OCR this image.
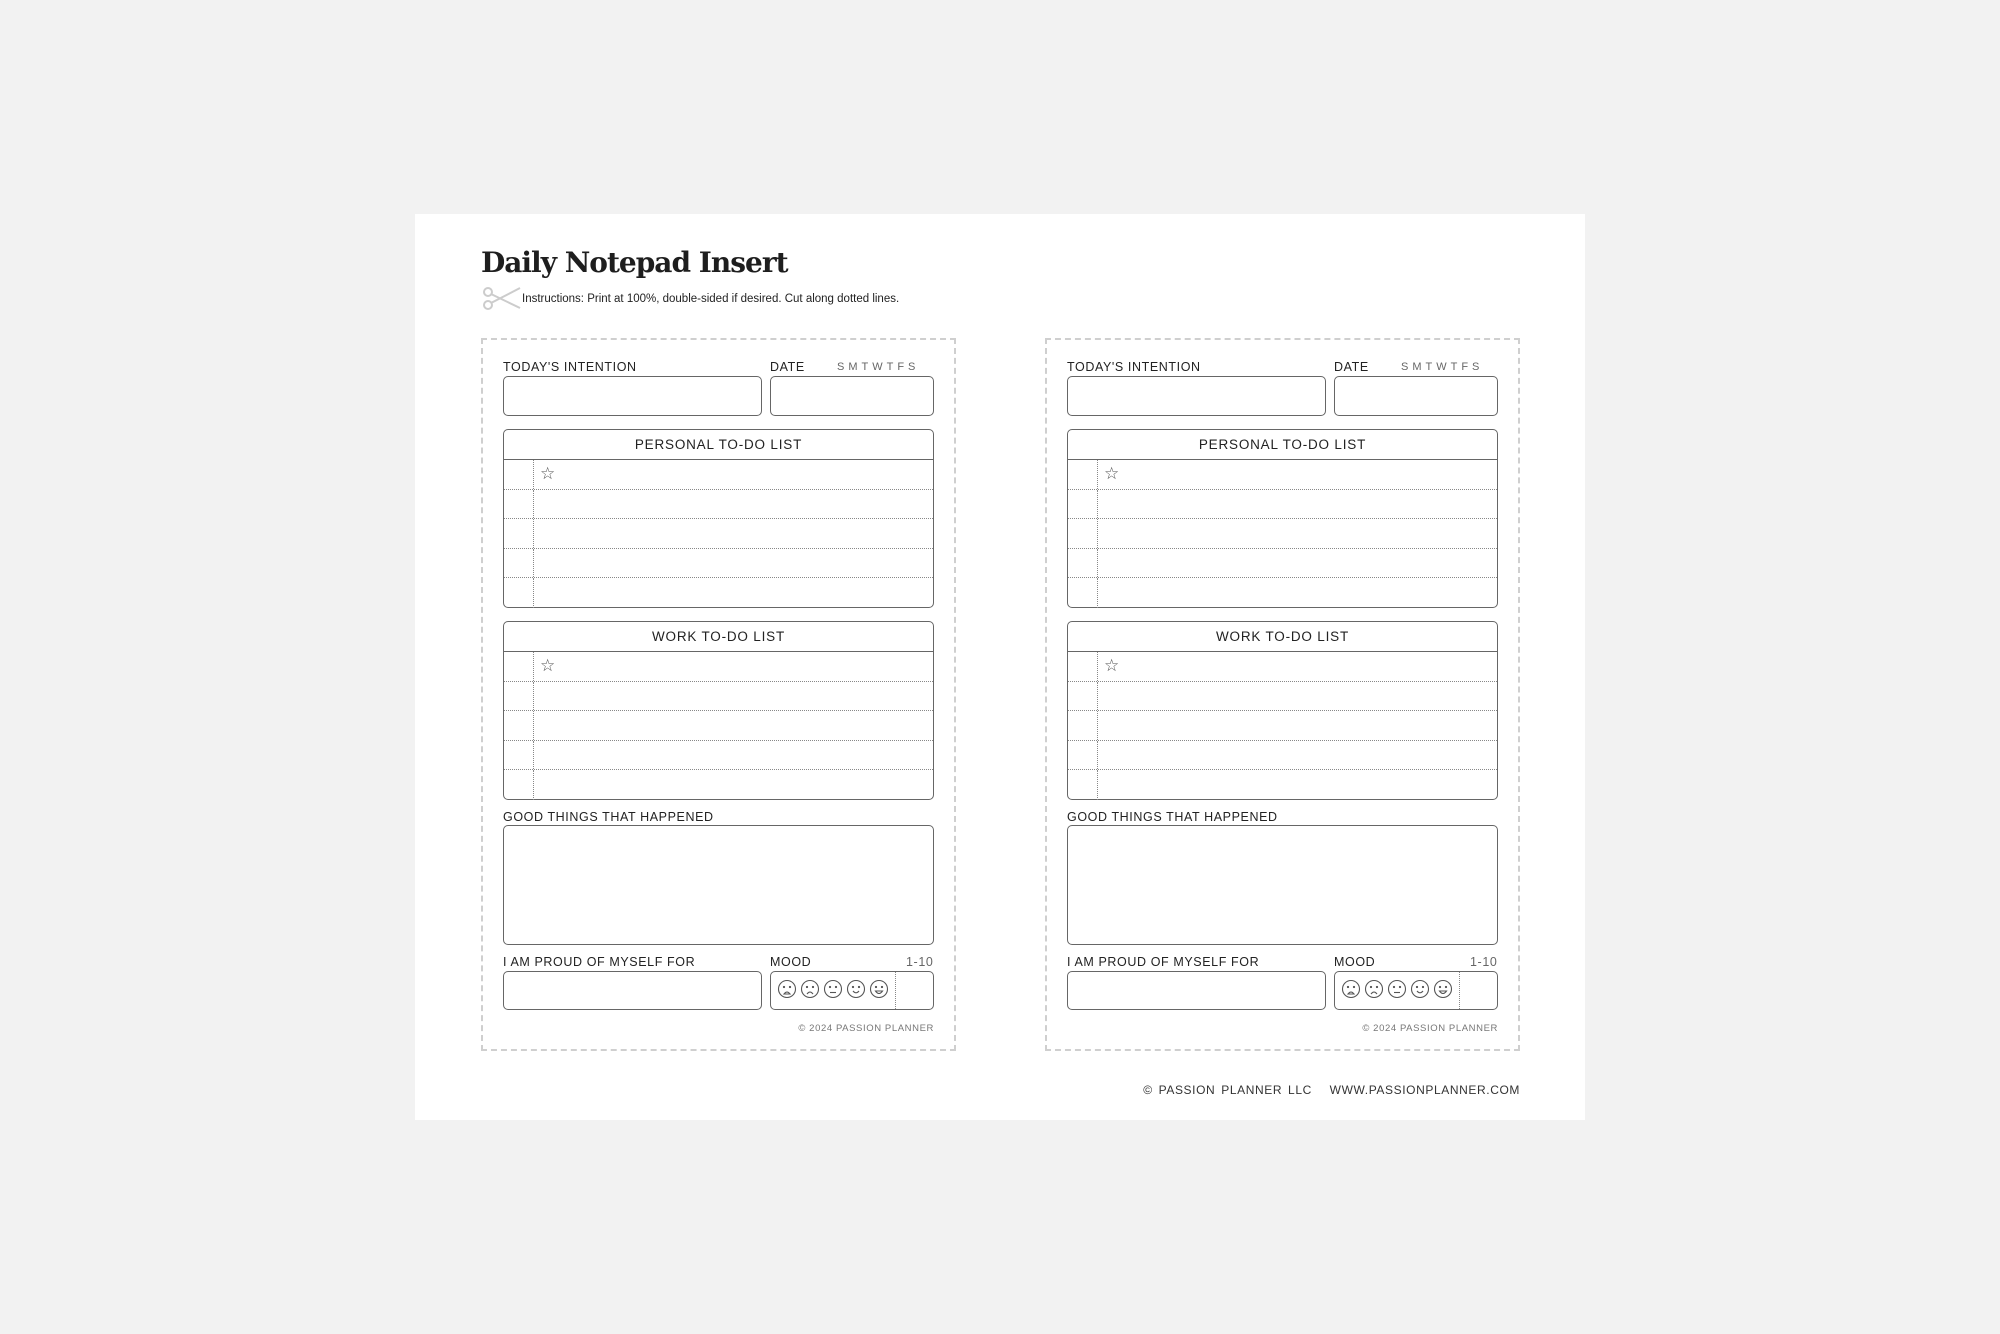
Daily Notepad Insert
Instructions: Print at 100%, double-sided if desired. Cut along dotted lines.
TODAY'S INTENTION	DATE	SMTWTFS
PERSONAL TO-DO LIST
☆
WORK TO-DO LIST
☆
GOOD THINGS THAT HAPPENED
I AM PROUD OF MYSELF FOR	MOOD	1-10
© 2024 PASSION PLANNER
TODAY'S INTENTION	DATE	SMTWTFS
PERSONAL TO-DO LIST
☆
WORK TO-DO LIST
☆
GOOD THINGS THAT HAPPENED
I AM PROUD OF MYSELF FOR	MOOD	1-10
© 2024 PASSION PLANNER
© PASSION PLANNER LLC   WWW.PASSIONPLANNER.COM
